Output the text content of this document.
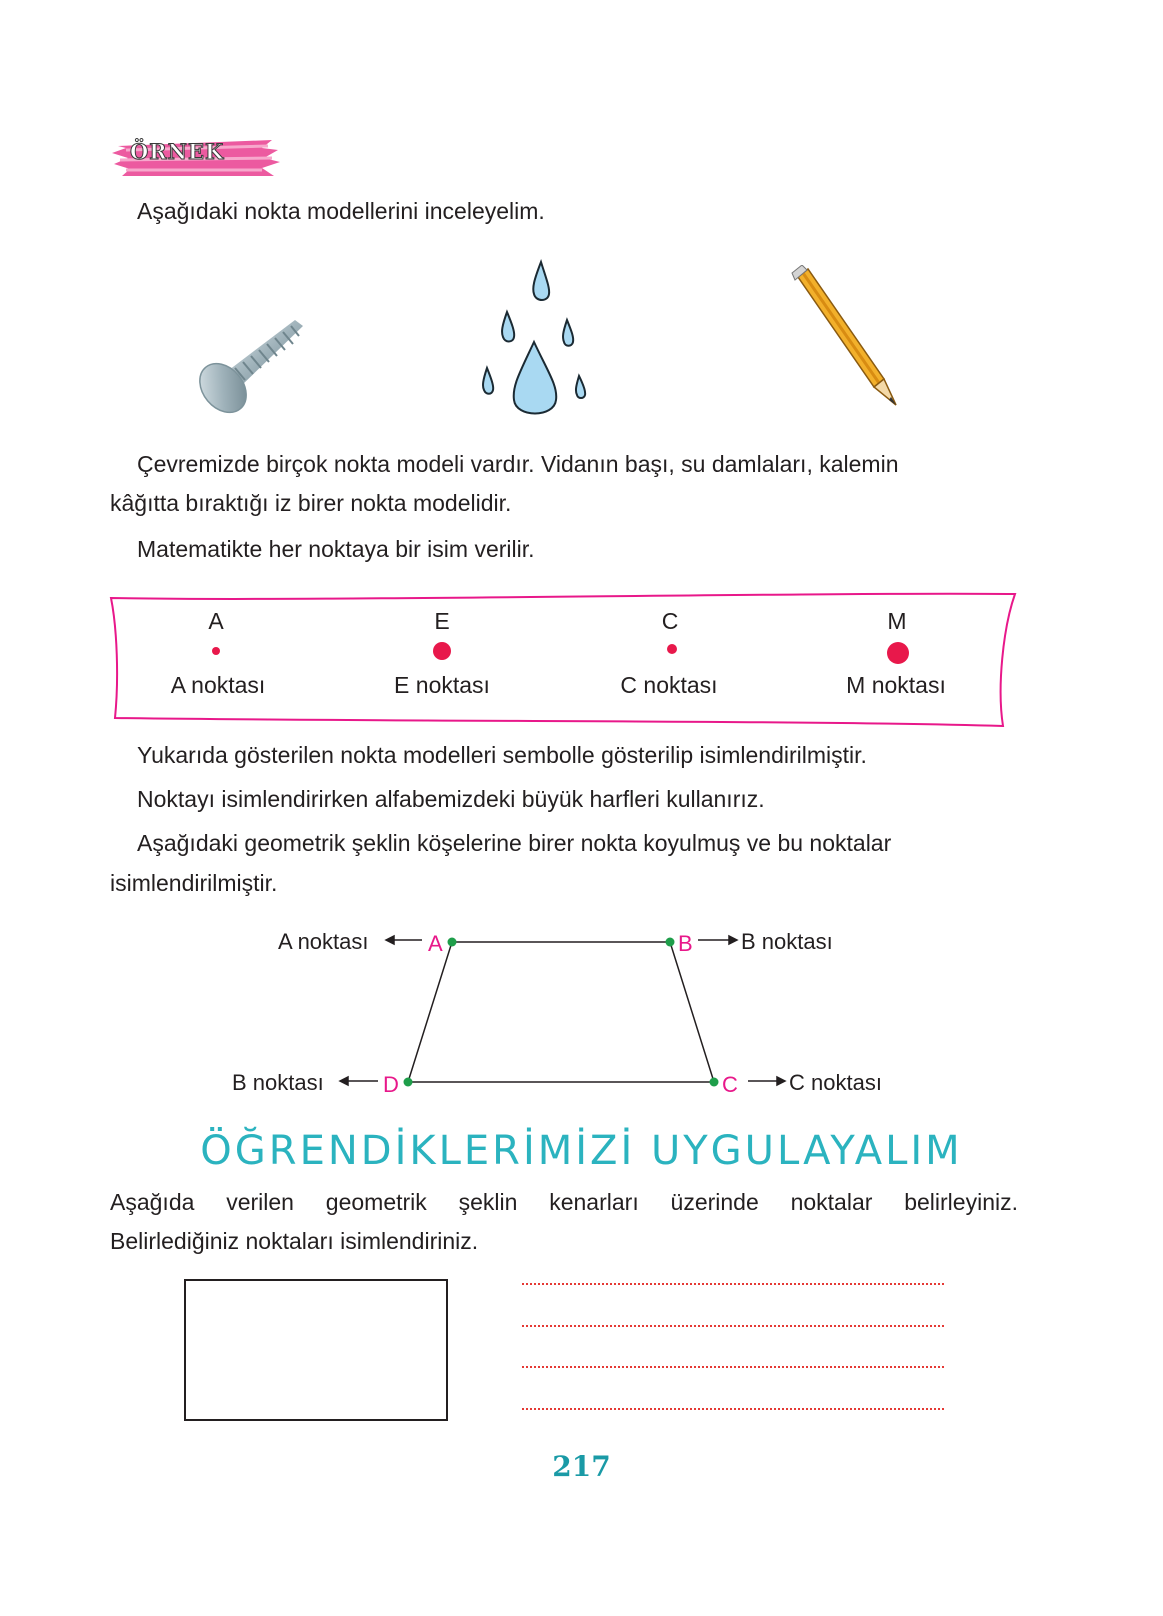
ÖRNEK
Aşağıdaki nokta modellerini inceleyelim.
Çevremizde birçok nokta modeli vardır. Vidanın başı, su damlaları, kalemin
kâğıtta bıraktığı iz birer nokta modelidir.
Matematikte her noktaya bir isim verilir.
A	E	C	M
A noktası	E noktası	C noktası	M noktası
Yukarıda gösterilen nokta modelleri sembolle gösterilip isimlendirilmiştir.
Noktayı isimlendirirken alfabemizdeki büyük harfleri kullanırız.
Aşağıdaki geometrik şeklin köşelerine birer nokta koyulmuş ve bu noktalar
isimlendirilmiştir.
A noktası	A	B B noktası
B noktası	D	C C noktası
ÖĞRENDİKLERİMİZİ UYGULAYALIM
Aşağıda verilen geometrik şeklin kenarları üzerinde noktalar belirleyiniz.
Belirlediğiniz noktaları isimlendiriniz.
217
